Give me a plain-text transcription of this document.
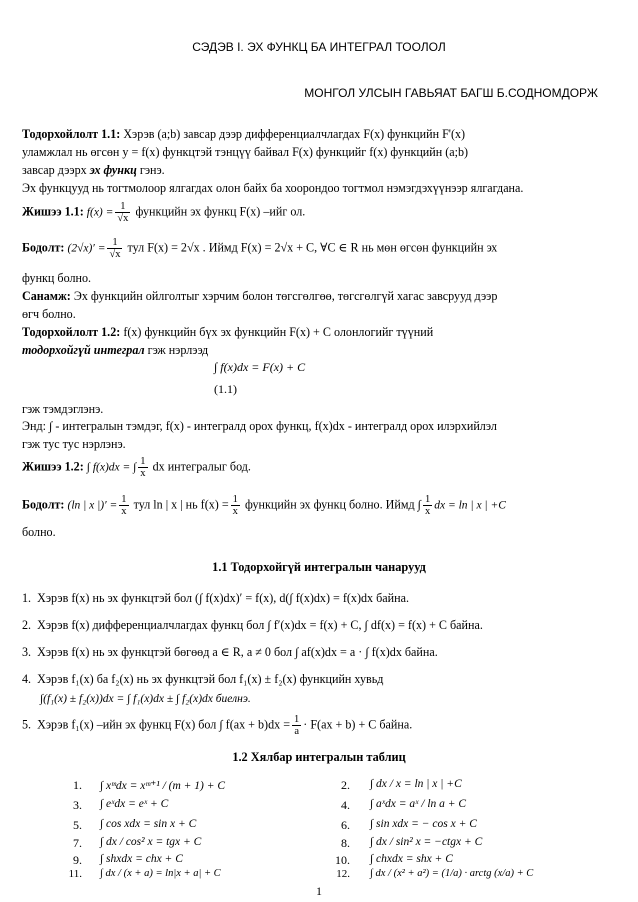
СЭДЭВ I. ЭХ ФУНКЦ БА ИНТЕГРАЛ ТООЛОЛ
МОНГОЛ УЛСЫН ГАВЬЯАТ БАГШ Б.СОДНОМДОРЖ
Тодорхойлолт 1.1: Хэрэв (a;b) завсар дээр дифференциалчлагдах F(x) функцийн F'(x)
уламжлал нь өгсөн y = f(x) функцтэй тэнцүү байвал F(x) функцийг f(x) функцийн (a;b)
завсар дээрх эх функц гэнэ.
Эх функцууд нь тогтмолоор ялгагдах олон байх ба хоорондоо тогтмол нэмэгдэхүүнээр ялгагдана.
Жишээ 1.1: $f(x) = \frac{1}{√x}$ функцийн эх функц F(x) –ийг ол.
Бодолт: $(2√x)' = \frac{1}{√x}$ тул F(x) = 2√x . Иймд F(x) = 2√x + C, ∀C ∈ R нь мөн өгсөн функцийн эх
функц болно.
Санамж: Эх функцийн ойлголтыг хэрчим болон төгсгөлгөө, төгсгөлгүй хагас завсрууд дээр
өгч болно.
Тодорхойлолт 1.2: f(x) функцийн бүх эх функцийн F(x) + C олонлогийг түүний
тодорхойгүй интеграл гэж нэрлээд
∫ f(x)dx = F(x) + C
(1.1)
гэж тэмдэглэнэ.
Энд: ∫ - интегралын тэмдэг, f(x) - интегралд орох функц, f(x)dx - интегралд орох илэрхийлэл
гэж тус тус нэрлэнэ.
Жишээ 1.2: ∫ f(x)dx = ∫ $\frac{1}{x}$ dx интегралыг бод.
Бодолт: (ln | x |)′ = $\frac{1}{x}$ тул ln | x | нь $f(x) = \frac{1}{x}$ функцийн эх функц болно. Иймд ∫ $\frac{1}{x}$ dx = ln | x | +C
болно.
1.1 Тодорхойгүй интегралын чанарууд
1. Хэрэв f(x) нь эх функцтэй бол (∫ f(x)dx)′ = f(x), d(∫ f(x)dx) = f(x)dx байна.
2. Хэрэв f(x) дифференциалчлагдах функц бол ∫ f′(x)dx = f(x) + C, ∫ df(x) = f(x) + C байна.
3. Хэрэв f(x) нь эх функцтэй бөгөөд a ∈ R, a ≠ 0 бол ∫ af(x)dx = a · ∫ f(x)dx байна.
4. Хэрэв f₁(x) ба f₂(x) нь эх функцтэй бол f₁(x) ± f₂(x) функцийн хувьд
∫(f₁(x) ± f₂(x))dx = ∫ f₁(x)dx ± ∫ f₂(x)dx биелнэ.
5. Хэрэв f₁(x) –ийн эх функц F(x) бол ∫ $f(ax + b)dx = \frac{1}{a} \cdot F(ax + b) + C$ байна.
1.2 Хялбар интегралын таблиц
1. ∫ xᵐdx = xᵐ⁺¹ / (m + 1) + C	2. ∫ dx / x = ln | x | +C
3. ∫ eˣdx = eˣ + C	4. ∫ aˣdx = aˣ / ln a + C
5. ∫ cos xdx = sin x + C	6. ∫ sin xdx = − cos x + C
7. ∫ dx / cos² x = tgx + C	8. ∫ dx / sin² x = −ctgx + C
9. ∫ shxdx = chx + C	10. ∫ chxdx = shx + C
11. ∫ dx / (x + a) = ln|x + a| + C	12. ∫ dx / (x² + a²) = (1/a) · arctg (x/a) + C
1
